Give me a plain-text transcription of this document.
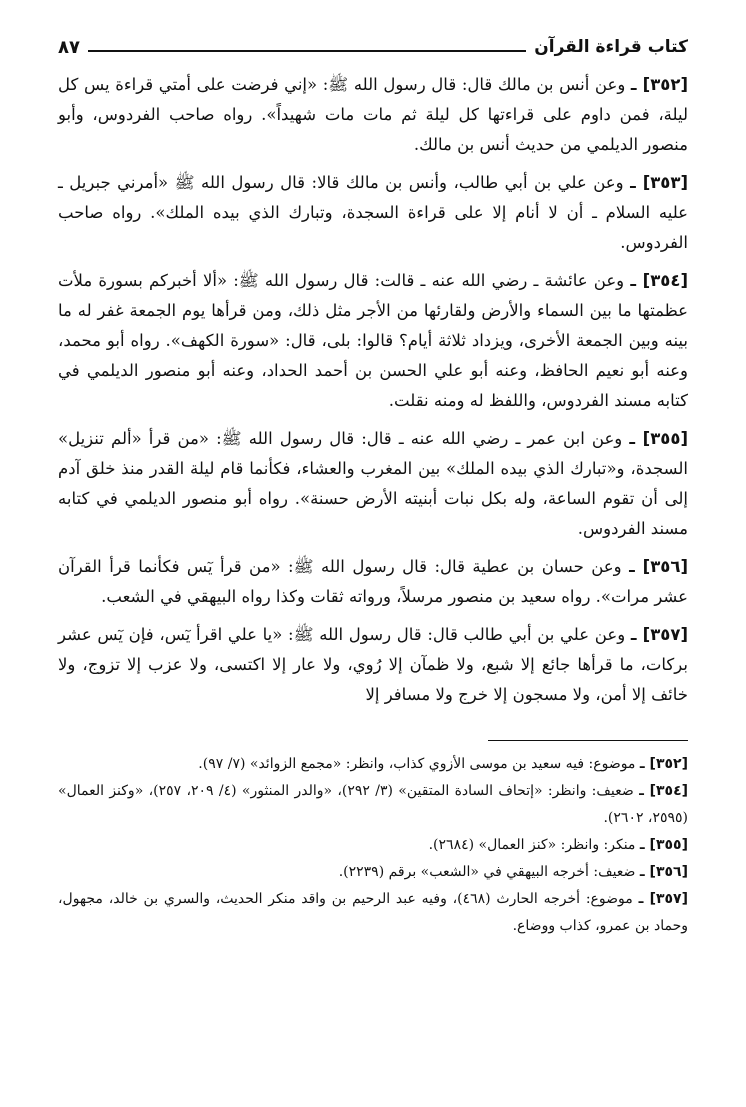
كتاب قراءة القرآن
٨٧

[٣٥٢] ـ وعن أنس بن مالك قال: قال رسول الله ﷺ: «إني فرضت على أمتي قراءة يس كل ليلة، فمن داوم على قراءتها كل ليلة ثم مات مات شهيداً». رواه صاحب الفردوس، وأبو منصور الديلمي من حديث أنس بن مالك.

[٣٥٣] ـ وعن علي بن أبي طالب، وأنس بن مالك قالا: قال رسول الله ﷺ «أمرني جبريل ـ عليه السلام ـ أن لا أنام إلا على قراءة السجدة، وتبارك الذي بيده الملك». رواه صاحب الفردوس.

[٣٥٤] ـ وعن عائشة ـ رضي الله عنه ـ قالت: قال رسول الله ﷺ: «ألا أخبركم بسورة ملأت عظمتها ما بين السماء والأرض ولقارئها من الأجر مثل ذلك، ومن قرأها يوم الجمعة غفر له ما بينه وبين الجمعة الأخرى، ويزداد ثلاثة أيام؟ قالوا: بلى، قال: «سورة الكهف». رواه أبو محمد، وعنه أبو نعيم الحافظ، وعنه أبو علي الحسن بن أحمد الحداد، وعنه أبو منصور الديلمي في كتابه مسند الفردوس، واللفظ له ومنه نقلت.

[٣٥٥] ـ وعن ابن عمر ـ رضي الله عنه ـ قال: قال رسول الله ﷺ: «من قرأ «ألم تنزيل» السجدة، و«تبارك الذي بيده الملك» بين المغرب والعشاء، فكأنما قام ليلة القدر منذ خلق آدم إلى أن تقوم الساعة، وله بكل نبات أبنيته الأرض حسنة». رواه أبو منصور الديلمي في كتابه مسند الفردوس.

[٣٥٦] ـ وعن حسان بن عطية قال: قال رسول الله ﷺ: «من قرأ يٓس فكأنما قرأ القرآن عشر مرات». رواه سعيد بن منصور مرسلاً، ورواته ثقات وكذا رواه البيهقي في الشعب.

[٣٥٧] ـ وعن علي بن أبي طالب قال: قال رسول الله ﷺ: «يا علي اقرأ يٓس، فإن يٓس عشر بركات، ما قرأها جائع إلا شبع، ولا ظمآن إلا رُوي، ولا عار إلا اكتسى، ولا عزب إلا تزوج، ولا خائف إلا أمن، ولا مسجون إلا خرج ولا مسافر إلا

[٣٥٢] ـ موضوع: فيه سعيد بن موسى الأزوي كذاب، وانظر: «مجمع الزوائد» (٧/ ٩٧).

[٣٥٤] ـ ضعيف: وانظر: «إتحاف السادة المتقين» (٣/ ٢٩٢)، «والدر المنثور» (٤/ ٢٠٩، ٢٥٧)، «وكنز العمال» (٢٥٩٥، ٢٦٠٢).

[٣٥٥] ـ منكر: وانظر: «كنز العمال» (٢٦٨٤).

[٣٥٦] ـ ضعيف: أخرجه البيهقي في «الشعب» برقم (٢٢٣٩).

[٣٥٧] ـ موضوع: أخرجه الحارث (٤٦٨)، وفيه عبد الرحيم بن واقد منكر الحديث، والسري بن خالد، مجهول، وحماد بن عمرو، كذاب ووضاع.
